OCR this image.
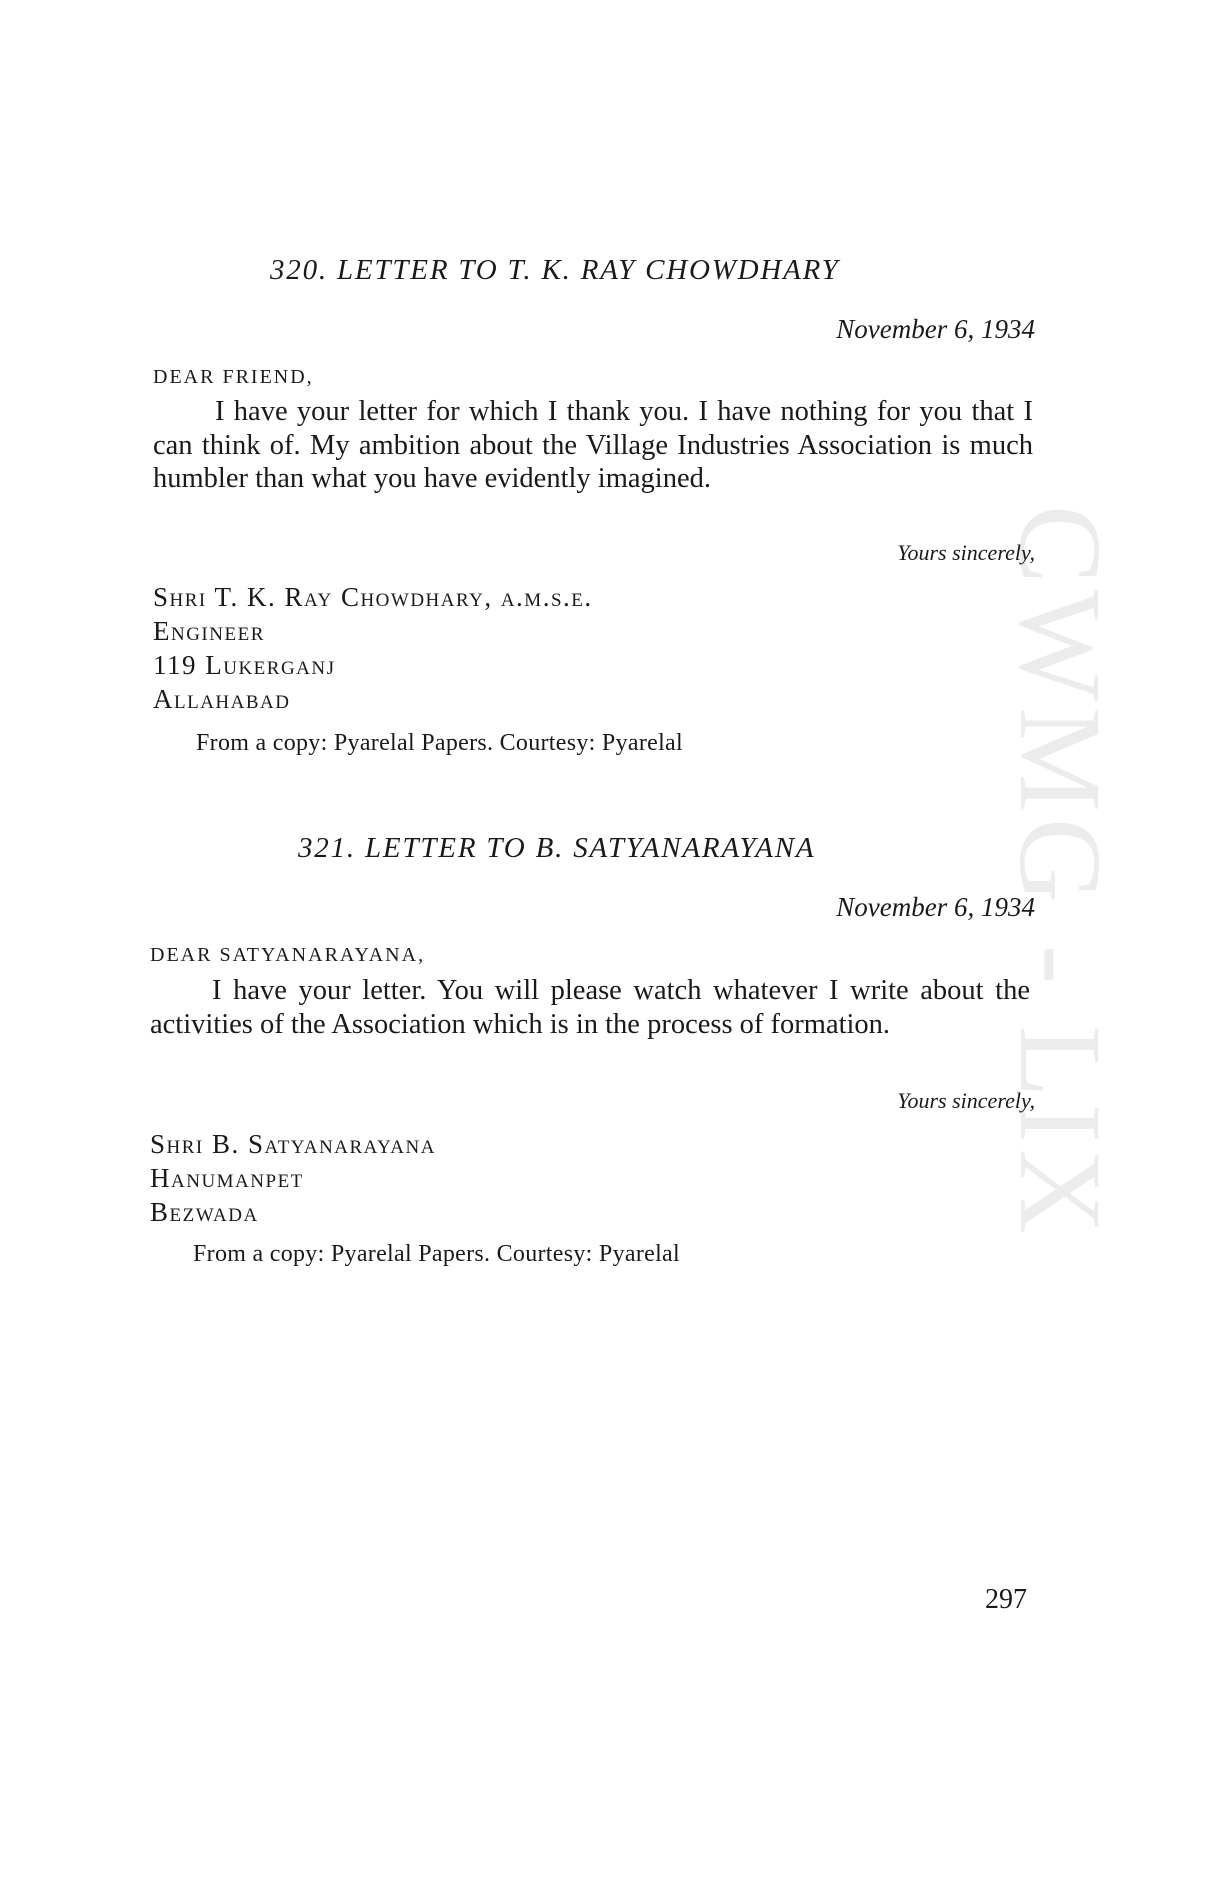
CWMG - LIX
320. LETTER TO T. K. RAY CHOWDHARY
November 6, 1934
DEAR FRIEND,
I have your letter for which I thank you. I have nothing for you that I can think of. My ambition about the Village Industries Association is much humbler than what you have evidently imagined.
Yours sincerely,
Shri T. K. Ray Chowdhary, a.m.s.e.
Engineer
119 Lukerganj
Allahabad
From a copy: Pyarelal Papers. Courtesy: Pyarelal
321. LETTER TO B. SATYANARAYANA
November 6, 1934
DEAR SATYANARAYANA,
I have your letter. You will please watch whatever I write about the activities of the Association which is in the process of formation.
Yours sincerely,
Shri B. Satyanarayana
Hanumanpet
Bezwada
From a copy: Pyarelal Papers. Courtesy: Pyarelal
297
